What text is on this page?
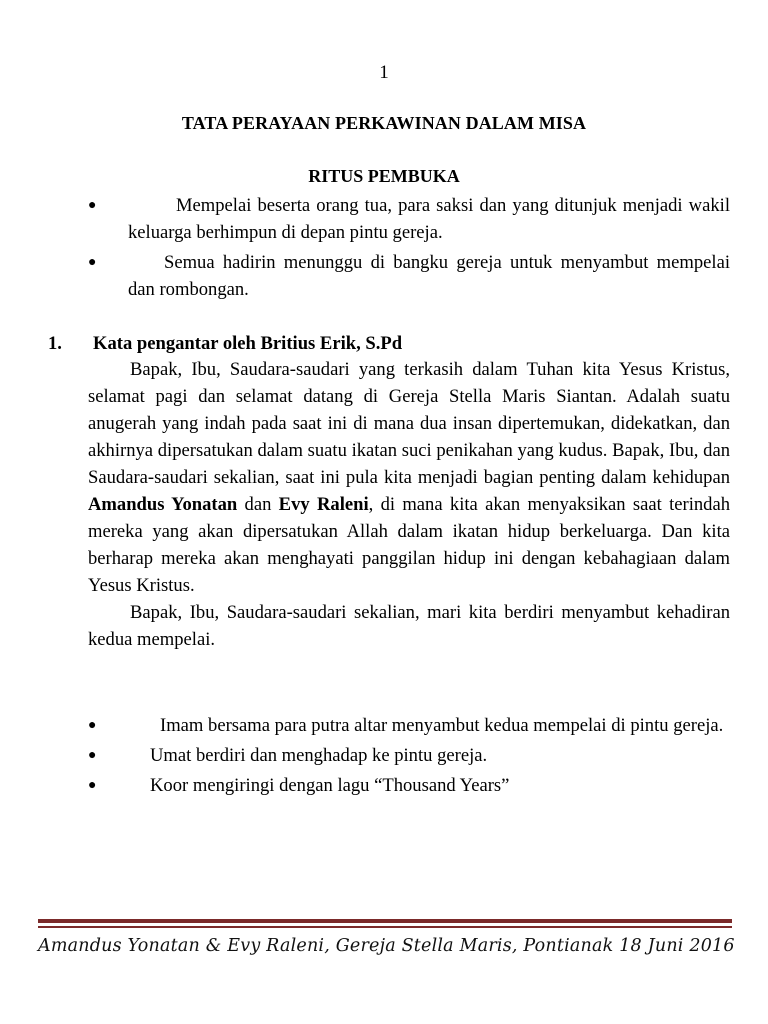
1
TATA PERAYAAN PERKAWINAN DALAM MISA
RITUS PEMBUKA
●	Mempelai beserta orang tua, para saksi dan yang ditunjuk menjadi wakil keluarga berhimpun di depan pintu gereja.
●	Semua hadirin menunggu di bangku gereja untuk menyambut mempelai dan rombongan.
1. Kata pengantar oleh Britius Erik, S.Pd

Bapak, Ibu, Saudara-saudari yang terkasih dalam Tuhan kita Yesus Kristus, selamat pagi dan selamat datang di Gereja Stella Maris Siantan. Adalah suatu anugerah yang indah pada saat ini di mana dua insan dipertemukan, didekatkan, dan akhirnya dipersatukan dalam suatu ikatan suci penikahan yang kudus. Bapak, Ibu, dan Saudara-saudari sekalian, saat ini pula kita menjadi bagian penting dalam kehidupan Amandus Yonatan dan Evy Raleni, di mana kita akan menyaksikan saat terindah mereka yang akan dipersatukan Allah dalam ikatan hidup berkeluarga. Dan kita berharap mereka akan menghayati panggilan hidup ini dengan kebahagiaan dalam Yesus Kristus.

Bapak, Ibu, Saudara-saudari sekalian, mari kita berdiri menyambut kehadiran kedua mempelai.

●	Imam bersama para putra altar menyambut kedua mempelai di pintu gereja.
●	Umat berdiri dan menghadap ke pintu gereja.
●	Koor mengiringi dengan lagu “Thousand Years”
Amandus Yonatan & Evy Raleni, Gereja Stella Maris, Pontianak 18 Juni 2016
